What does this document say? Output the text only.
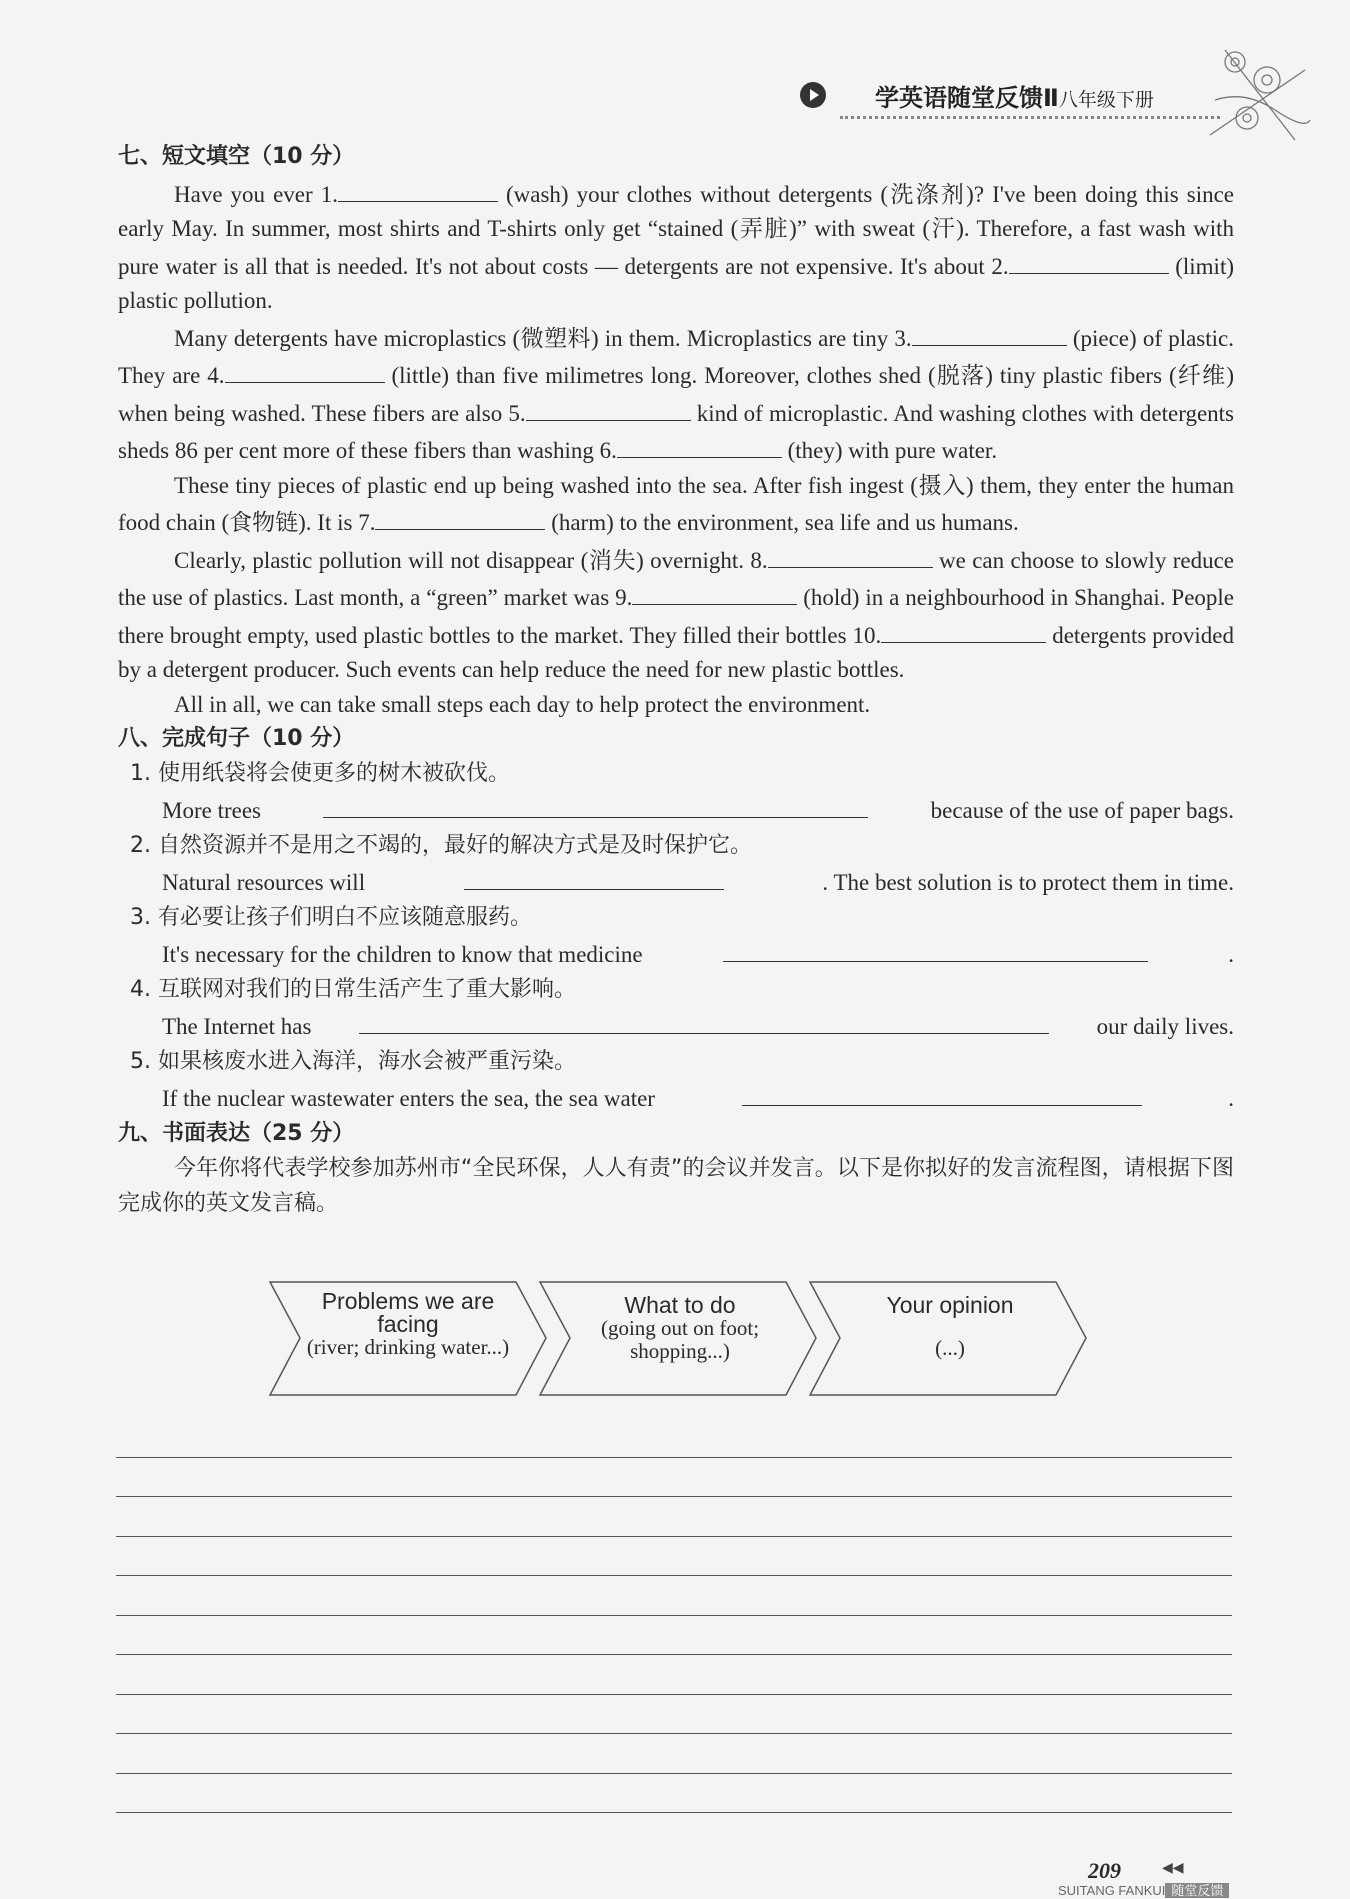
学英语随堂反馈Ⅱ八年级下册
七、短文填空（10 分）
Have you ever 1.	(wash) your clothes without detergents (洗涤剂)? I've been doing this since early May. In summer, most shirts and T-shirts only get “stained (弄脏)” with sweat (汗). Therefore, a fast wash with pure water is all that is needed. It's not about costs — detergents are not expensive. It's about 2.	(limit) plastic pollution.
Many detergents have microplastics (微塑料) in them. Microplastics are tiny 3.	(piece) of plastic. They are 4.	(little) than five milimetres long. Moreover, clothes shed (脱落) tiny plastic fibers (纤维) when being washed. These fibers are also 5.	kind of microplastic. And washing clothes with detergents sheds 86 per cent more of these fibers than washing 6.	(they) with pure water.
These tiny pieces of plastic end up being washed into the sea. After fish ingest (摄入) them, they enter the human food chain (食物链). It is 7.	(harm) to the environment, sea life and us humans.
Clearly, plastic pollution will not disappear (消失) overnight. 8.	we can choose to slowly reduce the use of plastics. Last month, a “green” market was 9.	(hold) in a neighbourhood in Shanghai. People there brought empty, used plastic bottles to the market. They filled their bottles 10.	detergents provided by a detergent producer. Such events can help reduce the need for new plastic bottles.
All in all, we can take small steps each day to help protect the environment.
八、完成句子（10 分）
1. 使用纸袋将会使更多的树木被砍伐。
More trees	because of the use of paper bags.
2. 自然资源并不是用之不竭的，最好的解决方式是及时保护它。
Natural resources will	. The best solution is to protect them in time.
3. 有必要让孩子们明白不应该随意服药。
It's necessary for the children to know that medicine	.
4. 互联网对我们的日常生活产生了重大影响。
The Internet has	our daily lives.
5. 如果核废水进入海洋，海水会被严重污染。
If the nuclear wastewater enters the sea, the sea water	.
九、书面表达（25 分）
今年你将代表学校参加苏州市“全民环保，人人有责”的会议并发言。以下是你拟好的发言流程图，请根据下图完成你的英文发言稿。
Problems we are facing
(river; drinking water...)
What to do
(going out on foot; shopping...)
Your opinion
(...)
209	◀◀
SUITANG FANKUI 随堂反馈
